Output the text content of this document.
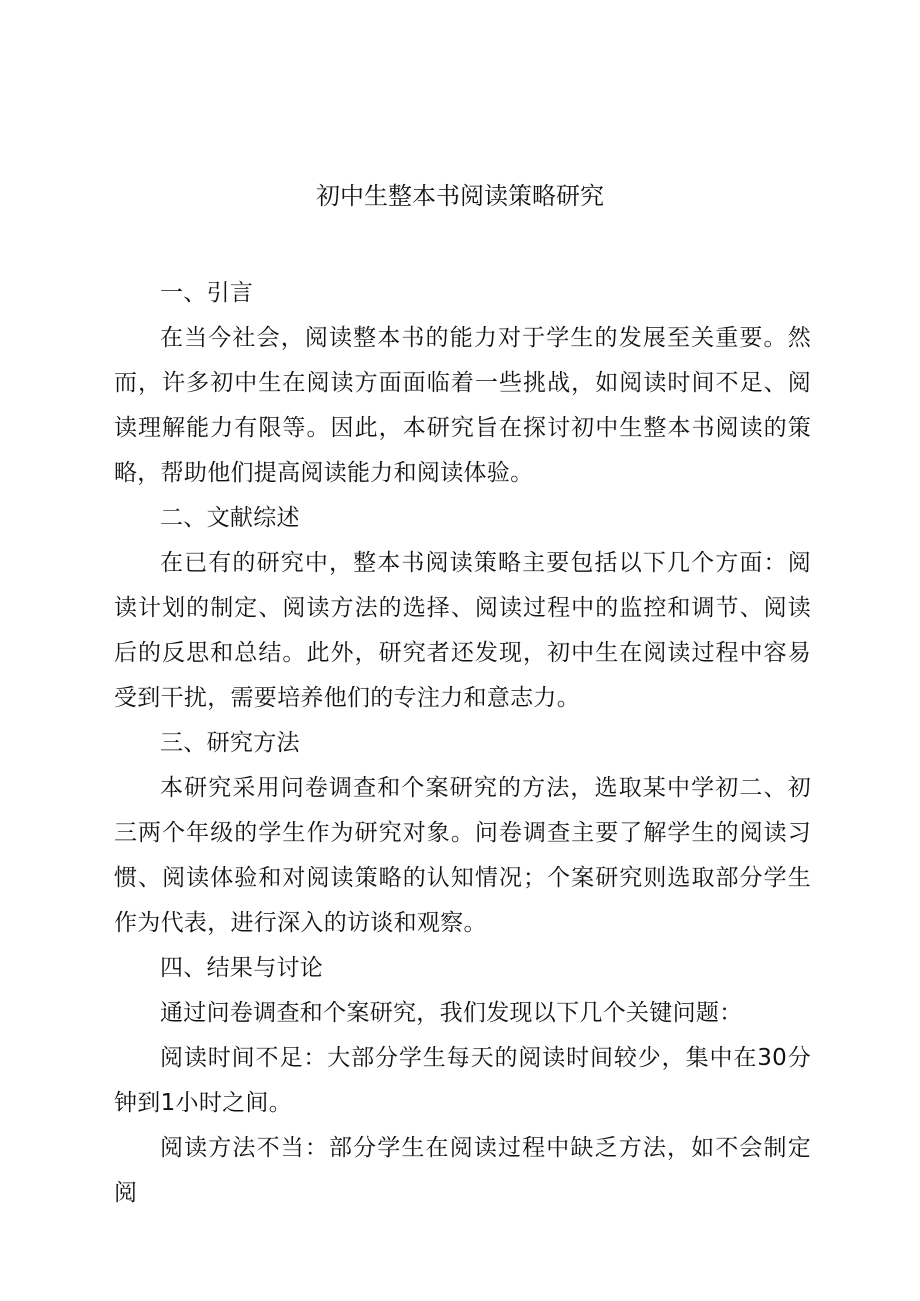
初中生整本书阅读策略研究

一、引言

在当今社会，阅读整本书的能力对于学生的发展至关重要。然而，许多初中生在阅读方面面临着一些挑战，如阅读时间不足、阅读理解能力有限等。因此，本研究旨在探讨初中生整本书阅读的策略，帮助他们提高阅读能力和阅读体验。

二、文献综述

在已有的研究中，整本书阅读策略主要包括以下几个方面：阅读计划的制定、阅读方法的选择、阅读过程中的监控和调节、阅读后的反思和总结。此外，研究者还发现，初中生在阅读过程中容易受到干扰，需要培养他们的专注力和意志力。

三、研究方法

本研究采用问卷调查和个案研究的方法，选取某中学初二、初三两个年级的学生作为研究对象。问卷调查主要了解学生的阅读习惯、阅读体验和对阅读策略的认知情况；个案研究则选取部分学生作为代表，进行深入的访谈和观察。

四、结果与讨论

通过问卷调查和个案研究，我们发现以下几个关键问题：

阅读时间不足：大部分学生每天的阅读时间较少，集中在30分钟到1小时之间。

阅读方法不当：部分学生在阅读过程中缺乏方法，如不会制定阅
